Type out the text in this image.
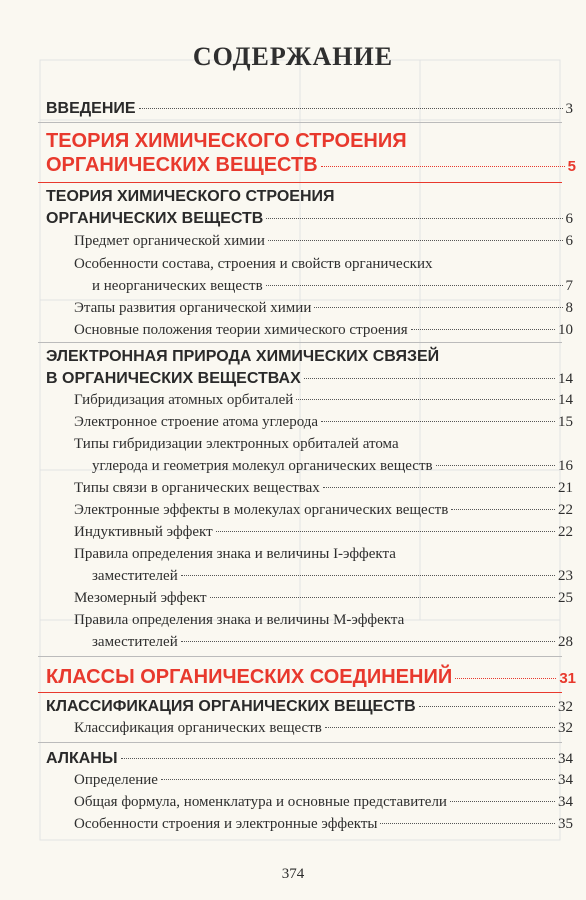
СОДЕРЖАНИЕ
ВВЕДЕНИЕ	3
ТЕОРИЯ ХИМИЧЕСКОГО СТРОЕНИЯ
ОРГАНИЧЕСКИХ ВЕЩЕСТВ	5
ТЕОРИЯ ХИМИЧЕСКОГО СТРОЕНИЯ
ОРГАНИЧЕСКИХ ВЕЩЕСТВ	6
Предмет органической химии	6
Особенности состава, строения и свойств органических
и неорганических веществ	7
Этапы развития органической химии	8
Основные положения теории химического строения	10
ЭЛЕКТРОННАЯ ПРИРОДА ХИМИЧЕСКИХ СВЯЗЕЙ
В ОРГАНИЧЕСКИХ ВЕЩЕСТВАХ	14
Гибридизация атомных орбиталей	14
Электронное строение атома углерода	15
Типы гибридизации электронных орбиталей атома
углерода и геометрия молекул органических веществ	16
Типы связи в органических веществах	21
Электронные эффекты в молекулах органических веществ	22
Индуктивный эффект	22
Правила определения знака и величины I-эффекта
заместителей	23
Мезомерный эффект	25
Правила определения знака и величины М-эффекта
заместителей	28
КЛАССЫ ОРГАНИЧЕСКИХ СОЕДИНЕНИЙ	31
КЛАССИФИКАЦИЯ ОРГАНИЧЕСКИХ ВЕЩЕСТВ	32
Классификация органических веществ	32
АЛКАНЫ	34
Определение	34
Общая формула, номенклатура и основные представители	34
Особенности строения и электронные эффекты	35
374
